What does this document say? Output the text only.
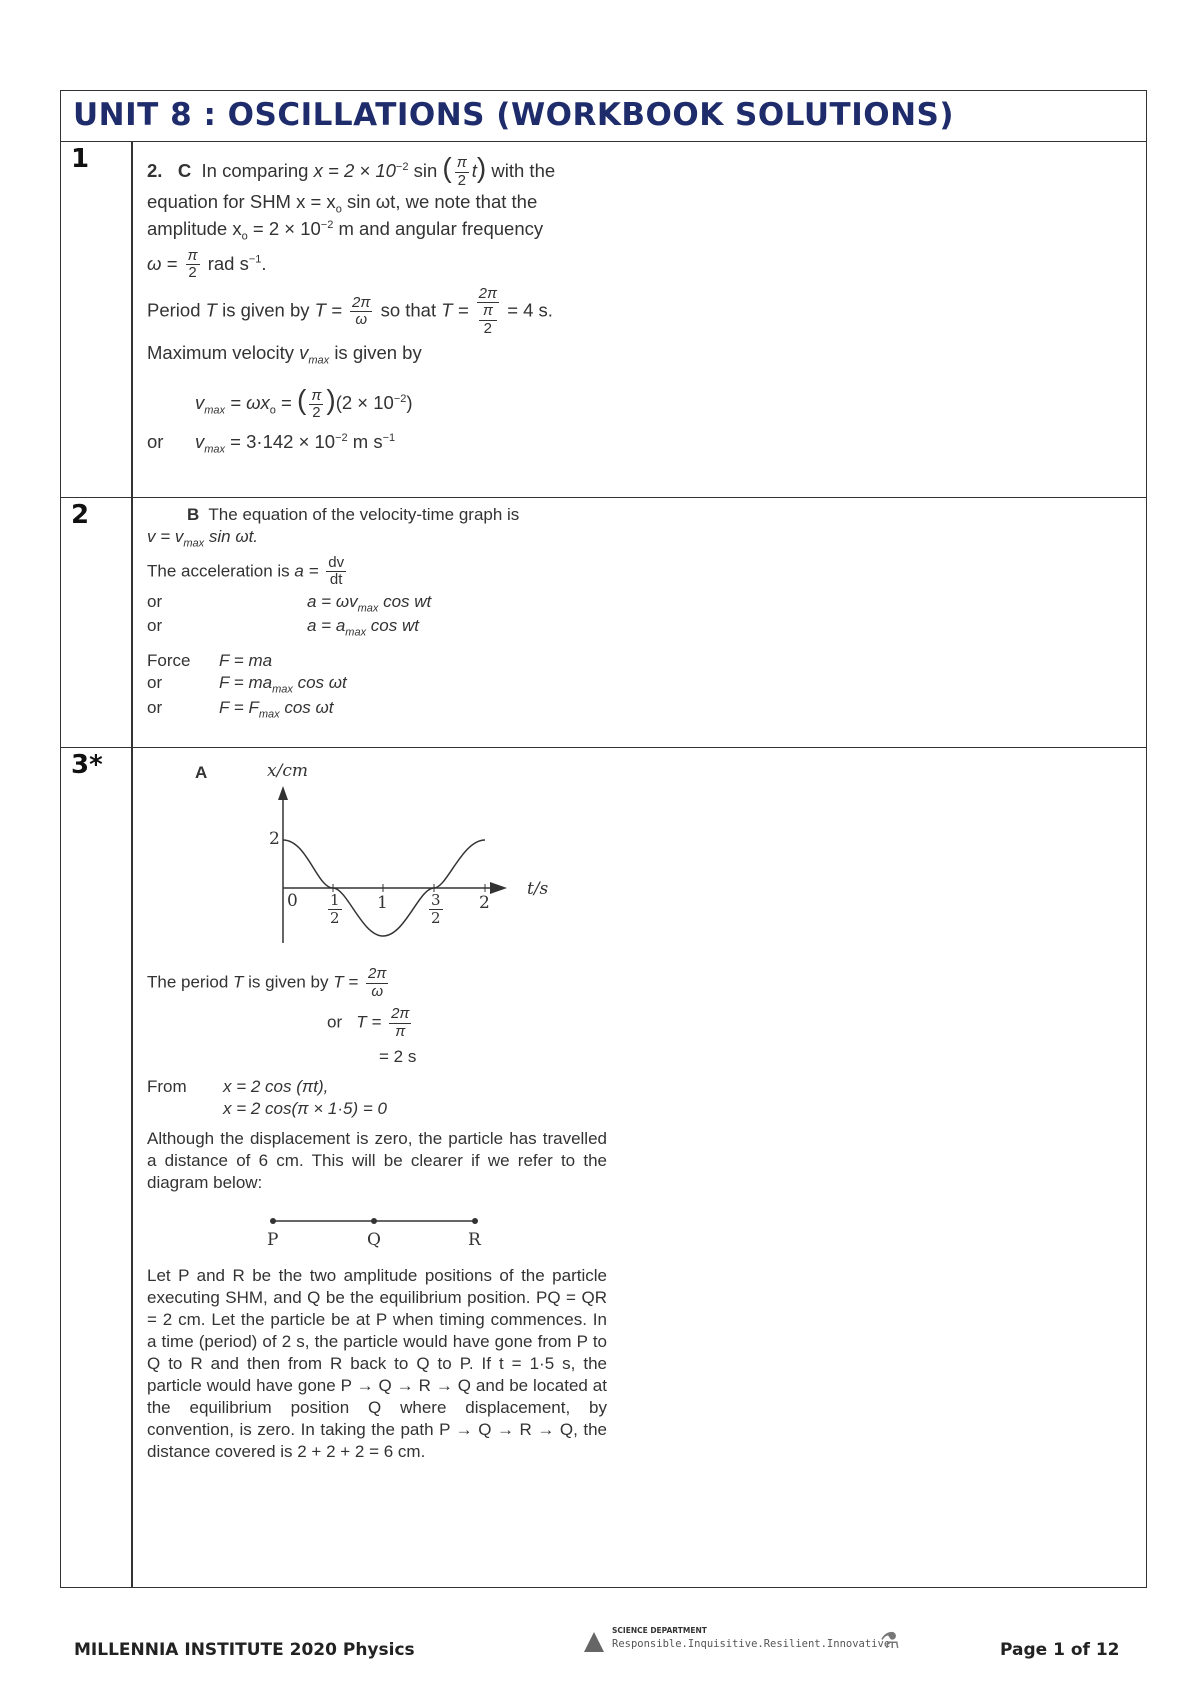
UNIT 8 : OSCILLATIONS (WORKBOOK SOLUTIONS)
1	2. C In comparing $x = 2 \times 10^{-2}$ sin ( $\frac{\pi}{2} t$) with the

equation for SHM $x = x_o$ sin ωt, we note that the

amplitude $x_o = 2 \times 10^{-2}$ m and angular frequency

$\omega = \frac{\pi}{2}$ rad $s^{-1}$.

Period T is given by $T = \frac{2\pi}{\omega}$ so that T = 2π
π
2 = 4 s.

Maximum velocity $v_{max}$ is given by

$v_{max} = \omega x_o$ = ( $\frac{\pi}{2} )(2 \times 10^{-2})$

or $v_{max} = 3\cdot 142 \times 10^{-2}$ m $s^{-1}$

2	B The equation of the velocity-time graph is

$v = v_{max}$ sin ωt.

The acceleration is $a = \frac{dv}{dt}$

or	$a = \omega v_{max}$ cos wt

or	$a = a_{max}$ cos wt

Force F = ma

or	$F = ma_{max}$ cos ωt

or	$F = F_{max}$ cos ωt

3*	A	x/cm
t/s
2
$0 \frac{1}{2} 1$	$\frac{3}{2} 2$

The period T is given by $T = \frac{2\pi}{\omega}$

or $T = \frac{2\pi}{\pi}$

= 2 s

From x = 2 cos (πt),

x = 2 cos(π × 1·5) = 0

Although the displacement is zero, the particle has travelled a distance of 6 cm. This will be clearer if we refer to the diagram below:

P	Q	R

Let P and R be the two amplitude positions of the particle executing SHM, and Q be the equilibrium position. PQ = QR = 2 cm. Let the particle be at P when timing commences. In a time (period) of 2 s, the particle would have gone from P to Q to R and then from R back to Q to P. If t = 1·5 s, the particle would have gone P → Q → R → Q and be located at the equilibrium position Q where displacement, by convention, is zero. In taking the path P → Q → R → Q, the distance covered is 2 + 2 + 2 = 6 cm.

MILLENNIA INSTITUTE 2020 Physics
SCIENCE DEPARTMENT
Responsible.Inquisitive.Resilient.Innovative
⚗	Page 1 of 12
